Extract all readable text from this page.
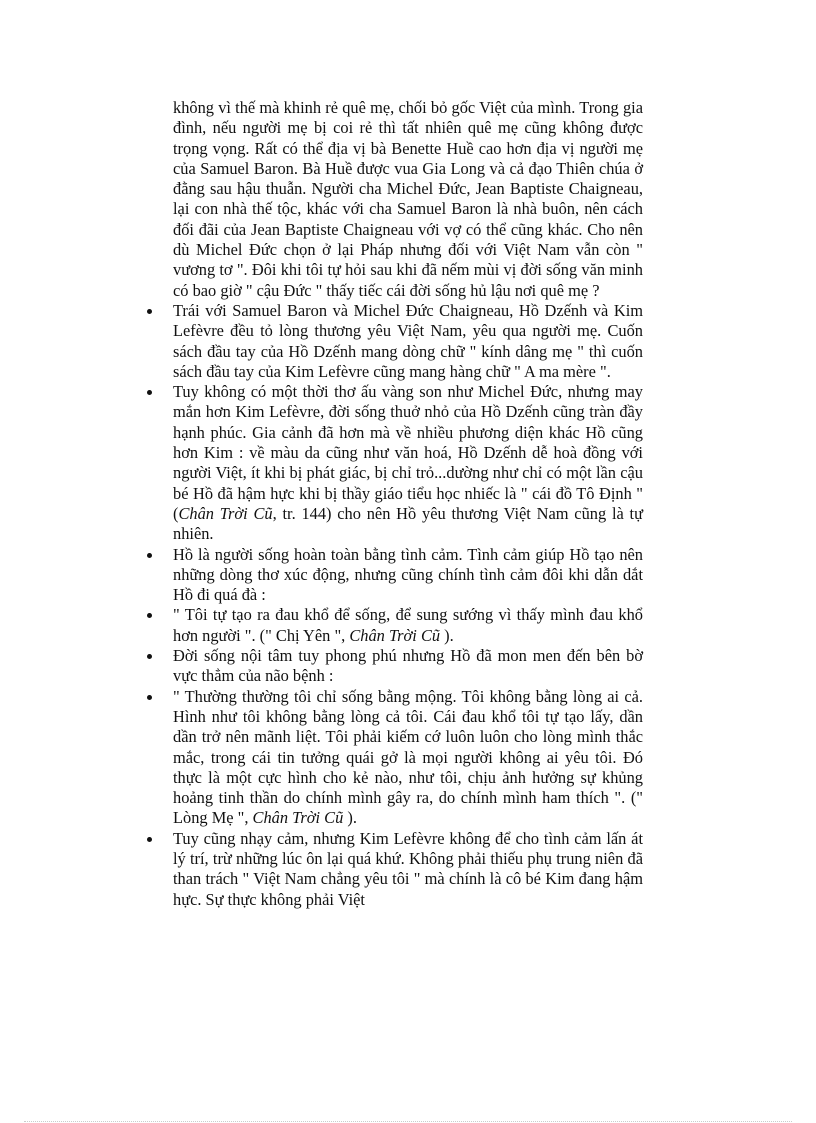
không vì thế mà khinh rẻ quê mẹ, chối bỏ gốc Việt của mình. Trong gia đình, nếu người mẹ bị coi rẻ thì tất nhiên quê mẹ cũng không được trọng vọng. Rất có thể địa vị bà Benette Huề cao hơn địa vị người mẹ của Samuel Baron. Bà Huề được vua Gia Long và cả đạo Thiên chúa ở đằng sau hậu thuẫn. Người cha Michel Đức, Jean Baptiste Chaigneau, lại con nhà thế tộc, khác với cha Samuel Baron là nhà buôn, nên cách đối đãi của Jean Baptiste Chaigneau với vợ có thể cũng khác. Cho nên dù Michel Đức chọn ở lại Pháp nhưng đối với Việt Nam vẫn còn " vương tơ ". Đôi khi tôi tự hỏi sau khi đã nếm mùi vị đời sống văn minh có bao giờ " cậu Đức " thấy tiếc cái đời sống hủ lậu nơi quê mẹ ?

Trái với Samuel Baron và Michel Đức Chaigneau, Hồ Dzếnh và Kim Lefèvre đều tỏ lòng thương yêu Việt Nam, yêu qua người mẹ. Cuốn sách đầu tay của Hồ Dzếnh mang dòng chữ " kính dâng mẹ " thì cuốn sách đầu tay của Kim Lefèvre cũng mang hàng chữ " A ma mère ".
Tuy không có một thời thơ ấu vàng son như Michel Đức, nhưng may mắn hơn Kim Lefèvre, đời sống thuở nhỏ của Hồ Dzếnh cũng tràn đầy hạnh phúc. Gia cảnh đã hơn mà về nhiều phương diện khác Hồ cũng hơn Kim : về màu da cũng như văn hoá, Hồ Dzếnh dễ hoà đồng với người Việt, ít khi bị phát giác, bị chỉ trỏ...dường như chỉ có một lần cậu bé Hồ đã hậm hực khi bị thầy giáo tiểu học nhiếc là " cái đồ Tô Định " (Chân Trời Cũ, tr. 144) cho nên Hồ yêu thương Việt Nam cũng là tự nhiên.
Hồ là người sống hoàn toàn bằng tình cảm. Tình cảm giúp Hồ tạo nên những dòng thơ xúc động, nhưng cũng chính tình cảm đôi khi dẫn dắt Hồ đi quá đà :
" Tôi tự tạo ra đau khổ để sống, để sung sướng vì thấy mình đau khổ hơn người ". (" Chị Yên ", Chân Trời Cũ ).
Đời sống nội tâm tuy phong phú nhưng Hồ đã mon men đến bên bờ vực thẳm của não bệnh :
" Thường thường tôi chỉ sống bằng mộng. Tôi không bằng lòng ai cả. Hình như tôi không bằng lòng cả tôi. Cái đau khổ tôi tự tạo lấy, dần dần trở nên mãnh liệt. Tôi phải kiếm cớ luôn luôn cho lòng mình thắc mắc, trong cái tin tưởng quái gở là mọi người không ai yêu tôi. Đó thực là một cực hình cho kẻ nào, như tôi, chịu ảnh hưởng sự khủng hoảng tinh thần do chính mình gây ra, do chính mình ham thích ". (" Lòng Mẹ ", Chân Trời Cũ ).
Tuy cũng nhạy cảm, nhưng Kim Lefèvre không để cho tình cảm lấn át lý trí, trừ những lúc ôn lại quá khứ. Không phải thiếu phụ trung niên đã than trách " Việt Nam chẳng yêu tôi " mà chính là cô bé Kim đang hậm hực. Sự thực không phải Việt
